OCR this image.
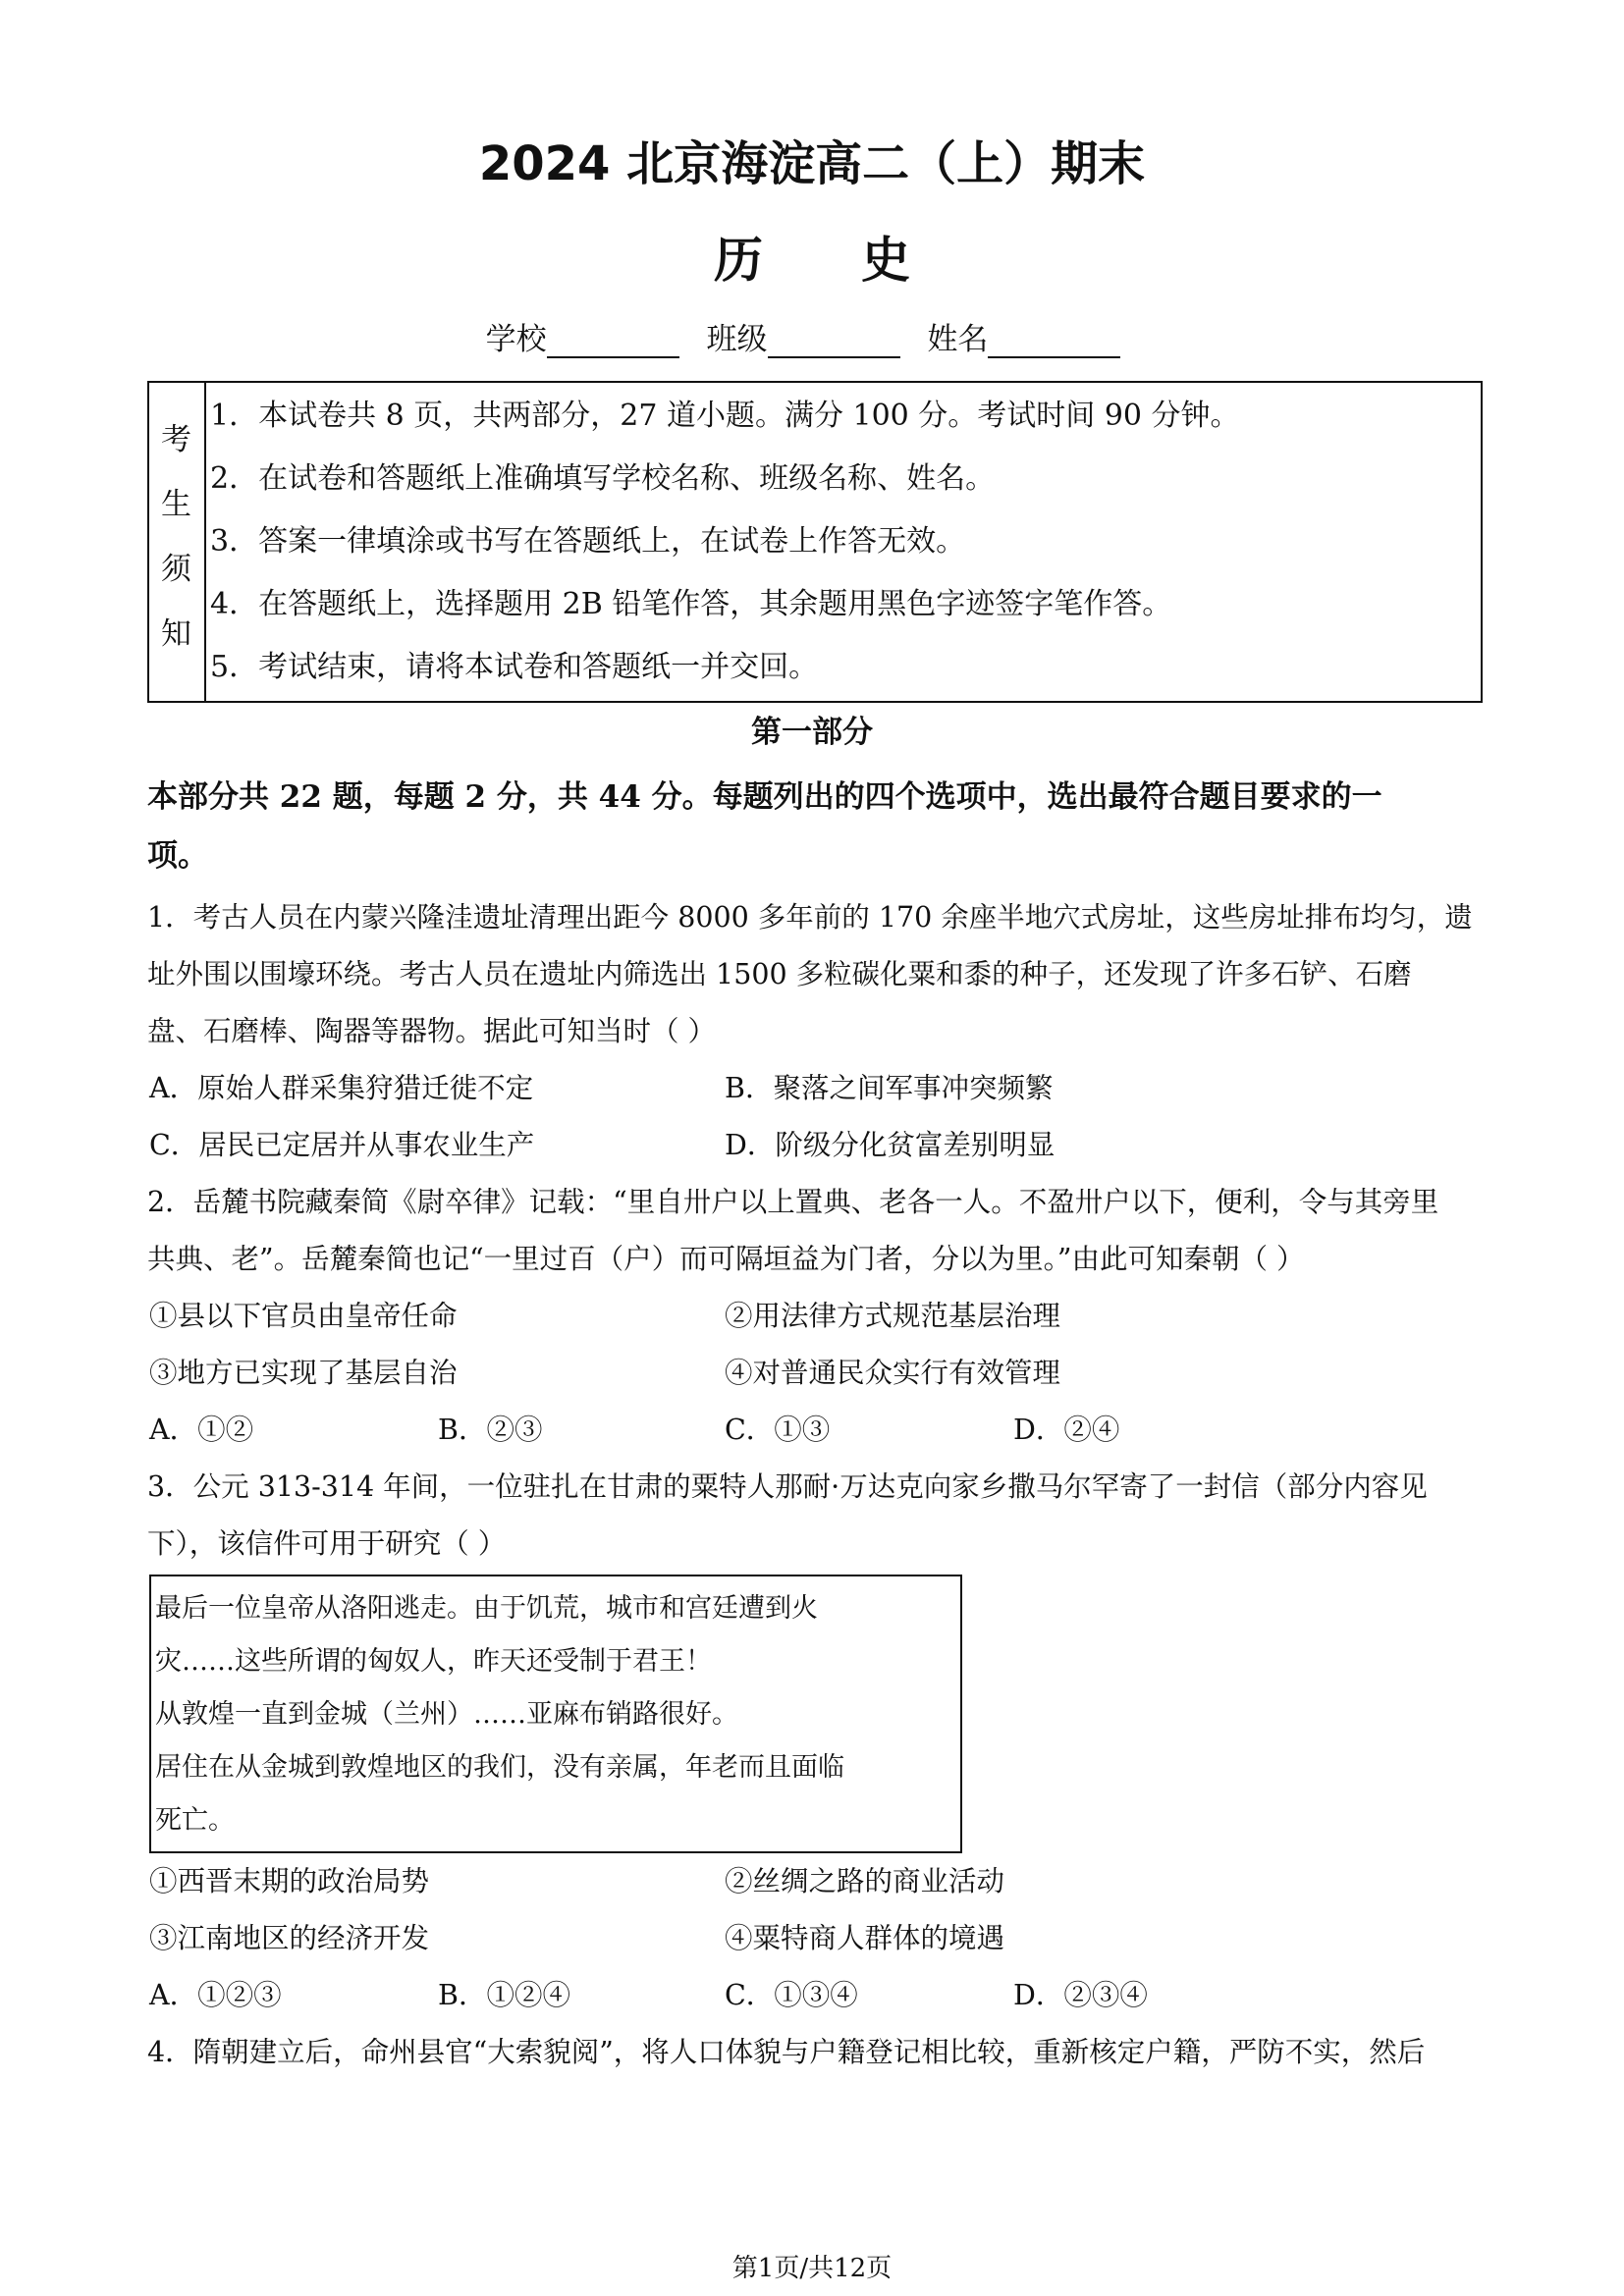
2024 北京海淀高二（上）期末
历史
学校	班级	姓名
考
生
须
知
1．本试卷共 8 页，共两部分，27 道小题。满分 100 分。考试时间 90 分钟。
2．在试卷和答题纸上准确填写学校名称、班级名称、姓名。
3．答案一律填涂或书写在答题纸上，在试卷上作答无效。
4．在答题纸上，选择题用 2B 铅笔作答，其余题用黑色字迹签字笔作答。
5．考试结束，请将本试卷和答题纸一并交回。
第一部分
本部分共 22 题，每题 2 分，共 44 分。每题列出的四个选项中，选出最符合题目要求的一
项。
1．考古人员在内蒙兴隆洼遗址清理出距今 8000 多年前的 170 余座半地穴式房址，这些房址排布均匀，遗
址外围以围壕环绕。考古人员在遗址内筛选出 1500 多粒碳化粟和黍的种子，还发现了许多石铲、石磨
盘、石磨棒、陶器等器物。据此可知当时（ ）
A．原始人群采集狩猎迁徙不定	B．聚落之间军事冲突频繁
C．居民已定居并从事农业生产	D．阶级分化贫富差别明显
2．岳麓书院藏秦简《尉卒律》记载：“里自卅户以上置典、老各一人。不盈卅户以下，便利，令与其旁里
共典、老”。岳麓秦简也记“一里过百（户）而可隔垣益为门者，分以为里。”由此可知秦朝（ ）
①县以下官员由皇帝任命	②用法律方式规范基层治理
③地方已实现了基层自治	④对普通民众实行有效管理
A．①②	B．②③	C．①③	D．②④
3．公元 313-314 年间，一位驻扎在甘肃的粟特人那耐·万达克向家乡撒马尔罕寄了一封信（部分内容见
下），该信件可用于研究（ ）
最后一位皇帝从洛阳逃走。由于饥荒，城市和宫廷遭到火
灾……这些所谓的匈奴人，昨天还受制于君王！
从敦煌一直到金城（兰州）……亚麻布销路很好。
居住在从金城到敦煌地区的我们，没有亲属，年老而且面临
死亡。
①西晋末期的政治局势	②丝绸之路的商业活动
③江南地区的经济开发	④粟特商人群体的境遇
A．①②③	B．①②④	C．①③④	D．②③④
4．隋朝建立后，命州县官“大索貌阅”，将人口体貌与户籍登记相比较，重新核定户籍，严防不实，然后
第1页/共12页
